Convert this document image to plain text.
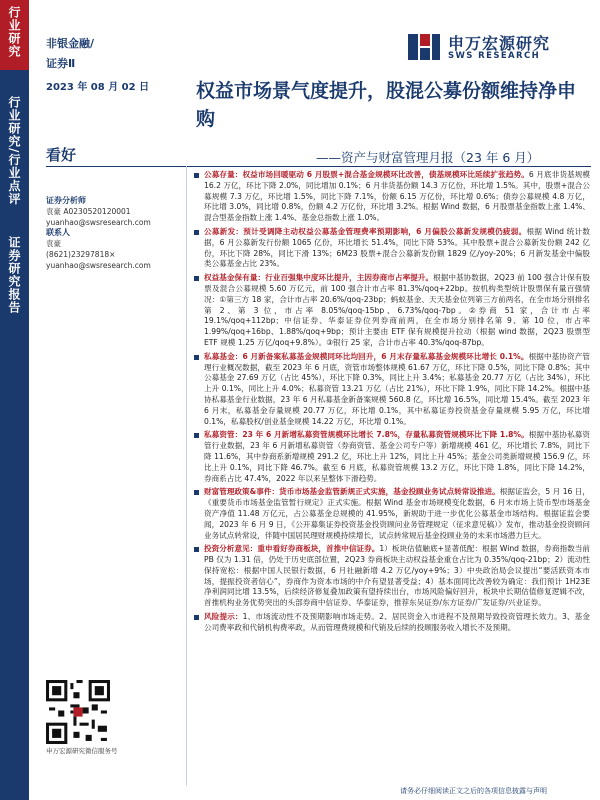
行业研究
行业研究/行业点评
证券研究报告
非银金融/
证券Ⅱ
申万宏源研究
SWS RESEARCH
2023 年 08 月 02 日 权益市场景气度提升，股混公募份额维持净申购
看好	——资产与财富管理月报（23 年 6 月）
证券分析师
袁豪 A0230520120001
yuanhao@swsresearch.com
联系人
袁豪
(8621)23297818×
yuanhao@swsresearch.com
申万宏源研究微信服务号
公募存量：权益市场回暖驱动 6 月股票+混合基金规模环比改善，债基规模环比延续扩张趋势。6 月底非货基规模 16.2 万亿，环比下降 2.0%，同比增加 0.1%；6 月非货基份额 14.3 万亿份，环比增 1.5%。其中，股票+混合公募规模 7.3 万亿，环比增 1.5%，同比下降 7.1%，份额 6.15 万亿份，环比增 0.6%；债券公募规模 4.8 万亿，环比增 3.0%，同比增 0.8%，份额 4.2 万亿份，环比增 3.2%。根据 Wind 数据，6 月股票基金指数上涨 1.4%、混合型基金指数上涨 1.4%、基金总指数上涨 1.0%。
公募新发：预计受调降主动权益公募基金管理费率预期影响，6 月偏股公募新发规模仍疲弱。根据 Wind 统计数据，6 月公募新发行份额 1065 亿份，环比增长 51.4%，同比下降 53%。其中股票+混合公募新发份额 242 亿份，环比下降 28%，同比下滑 13%；6M23 股票+混合公募新发份额 1829 亿/yoy-20%；6 月新发基金中偏股类公募基金占比 23%。
权益基金保有量：行业百强集中度环比提升，主因券商市占率提升。根据中基协数据，2Q23 前 100 强合计保有股票及混合公募规模 5.60 万亿元，前 100 强合计市占率 81.3%/qoq+22bp。按机构类型统计股票保有量百强情况：①第三方 18 家，合计市占率 20.6%/qoq-23bp；蚂蚁基金、天天基金位列第三方前两名，在全市场分别排名第 2、第 3 位，市占率 8.05%/qoq-15bp、6.73%/qoq-7bp。②券商 51 家，合计市占率 19.1%/qoq+112bp；中信证券、华泰证券位列券商前两，在全市场分别排名第 9、第 10 位，市占率 1.99%/qoq+16bp、1.88%/qoq+9bp；预计主要由 ETF 保有规模提升拉动（根据 wind 数据，2Q23 股票型 ETF 规模 1.25 万亿/qoq+9.8%）。③银行 25 家，合计市占率 40.3%/qoq-87bp。
私募基金：6 月新备案私募基金规模同环比均回升，6 月末存量私募基金规模环比增长 0.1%。根据中基协资产管理行业概况数据，截至 2023 年 6 月底，资管市场整体规模 61.67 万亿，环比下降 0.5%，同比下降 0.8%；其中公募基金 27.69 万亿（占比 45%），环比下降 0.3%，同比上升 3.4%；私募基金 20.77 万亿（占比 34%），环比上升 0.1%，同比上升 4.0%；私募资管 13.21 万亿（占比 21%），环比下降 1.9%，同比下降 14.2%。根据中基协私募基金行业数据，23 年 6 月私募基金新备案规模 560.8 亿，环比增 16.5%，同比增 15.4%。截至 2023 年 6 月末，私募基金存量规模 20.77 万亿，环比增 0.1%，其中私募证券投资基金存量规模 5.95 万亿，环比增 0.1%，私募股权/创业基金规模 14.22 万亿，环比增 0.1%。
私募资管：23 年 6 月新增私募资管规模环比增长 7.8%，存量私募资管规模环比下降 1.8%。根据中基协私募资管行业数据，23 年 6 月新增私募资管（券商资管、基金公司专户等）新增规模 461 亿，环比增长 7.8%，同比下降 11.6%，其中券商系新增规模 291.2 亿，环比上升 12%，同比上升 45%；基金公司类新增规模 156.9 亿，环比上升 0.1%，同比下降 46.7%。截至 6 月底，私募资管规模 13.2 万亿，环比下降 1.8%，同比下降 14.2%，券商系占比 47.4%，2022 年以来呈整体下滑趋势。
财富管理政策&事件：货币市场基金监管新规正式实施，基金投顾业务试点转常设推进。根据证监会，5 月 16 日，《重要货币市场基金监管暂行规定》正式实施。根据 Wind 基金市场规模变化数据，6 月末市场上货币型市场基金资产净值 11.48 万亿元，占公募基金总规模的 41.95%，新规助于进一步优化公募基金市场结构。根据证监会要闻，2023 年 6 月 9 日，《公开募集证券投资基金投资顾问业务管理规定（征求意见稿）》发布，推动基金投资顾问业务试点转常设，伴随中国居民理财规模持续增长，试点转常规后基金投顾业务的未来市场潜力巨大。
投资分析意见：重申看好券商板块，首推中信证券。1）板块估值触底+显著低配：根据 Wind 数据，券商指数当前 PB 仅为 1.31 倍，仍处于历史底部位置，2Q23 券商板块主动权益基金重仓占比为 0.35%/qoq-21bp；2）流动性保持宽松：根据中国人民银行数据，6 月社融新增 4.2 万亿/yoy+9%；3）中央政治局会议提出“要活跃资本市场，提振投资者信心”，券商作为资本市场的中介有望显著受益；4）基本面同比改善较为确定：我们预计 1H23E 净利润同比增 13.5%，后续经济修复叠加政策有望持续出台，市场风险偏好回升，板块中长期估值修复逻辑不改，首推机构业务优势突出的头部券商中信证券、华泰证券，推荐东吴证券/东方证券/广发证券/兴业证券。
风险提示：1、市场流动性不及预期影响市场走势。2、居民资金入市进程不及预期导致投资管理长效力。3、基金公司费率政和代销机构费率政，从而管理费规模和代销及后续的投顾服务收入增长不及预期。
请务必仔细阅读正文之后的各项信息披露与声明
